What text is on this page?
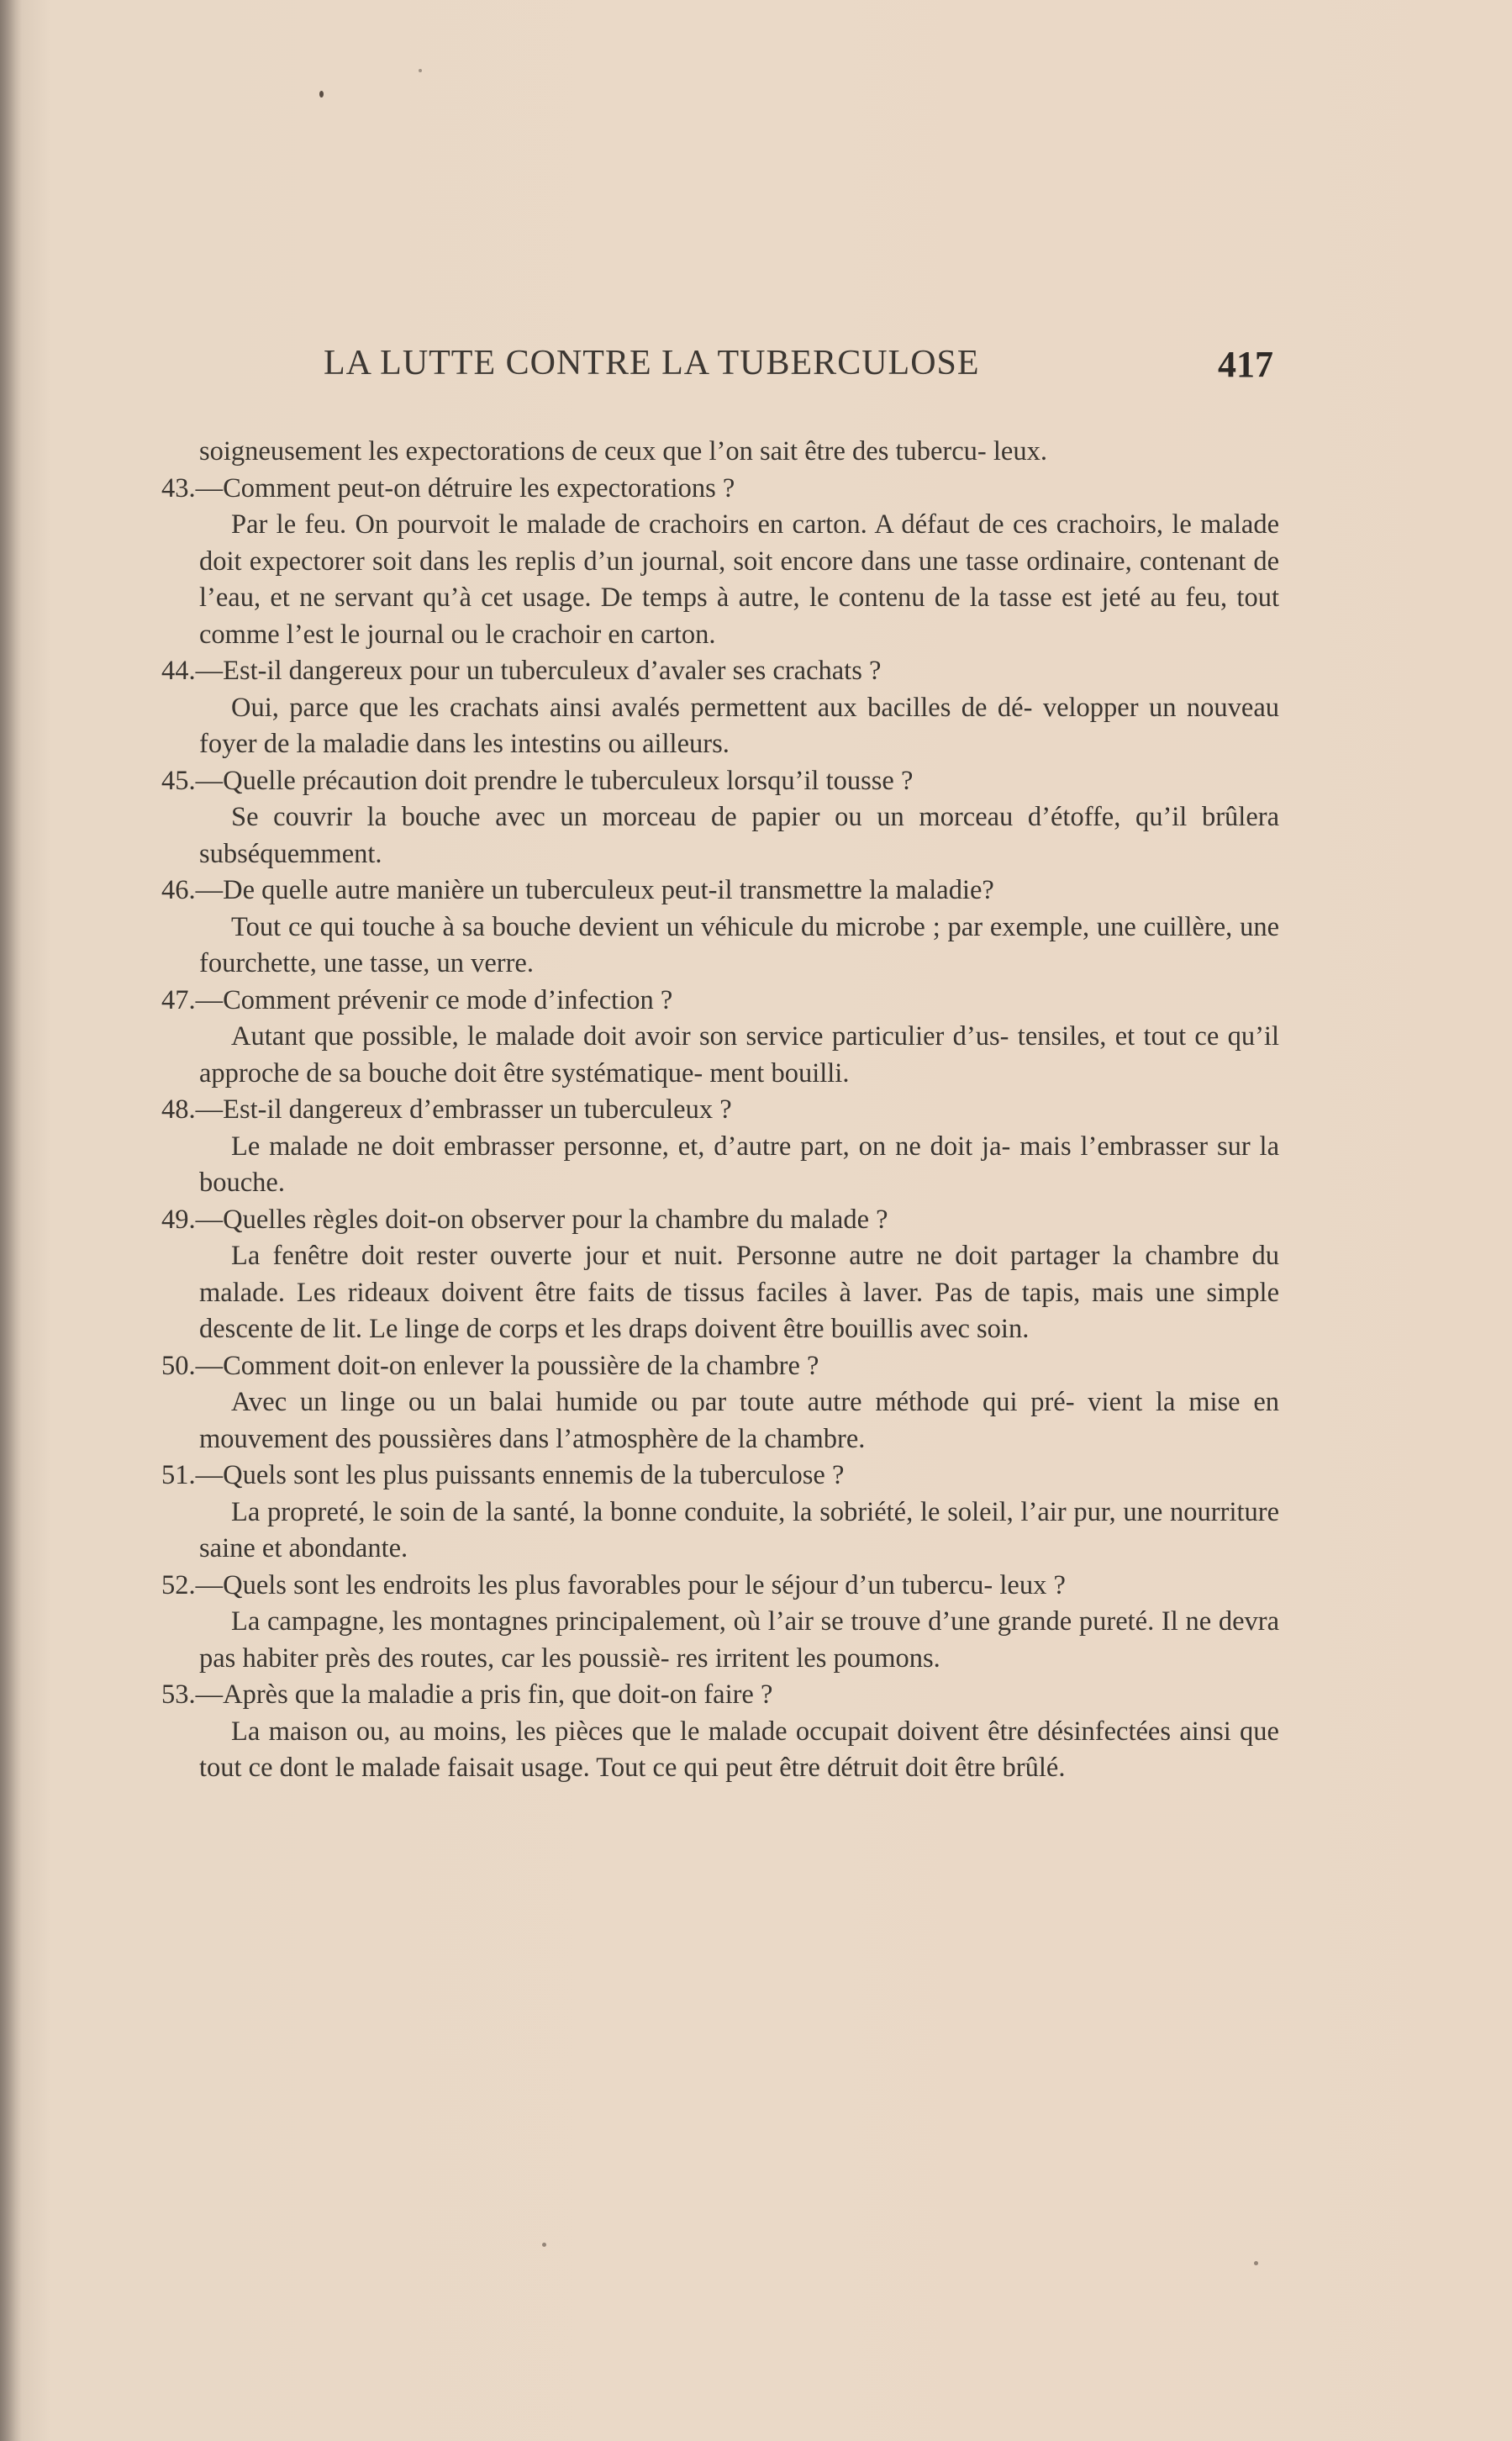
LA LUTTE CONTRE LA TUBERCULOSE	417

soigneusement les expectorations de ceux que l’on sait être des tubercu- leux.

43.—Comment peut-on détruire les expectorations ?

Par le feu. On pourvoit le malade de crachoirs en carton. A défaut de ces crachoirs, le malade doit expectorer soit dans les replis d’un journal, soit encore dans une tasse ordinaire, contenant de l’eau, et ne servant qu’à cet usage. De temps à autre, le contenu de la tasse est jeté au feu, tout comme l’est le journal ou le crachoir en carton.

44.—Est-il dangereux pour un tuberculeux d’avaler ses crachats ?

Oui, parce que les crachats ainsi avalés permettent aux bacilles de dé- velopper un nouveau foyer de la maladie dans les intestins ou ailleurs.

45.—Quelle précaution doit prendre le tuberculeux lorsqu’il tousse ?

Se couvrir la bouche avec un morceau de papier ou un morceau d’étoffe, qu’il brûlera subséquemment.

46.—De quelle autre manière un tuberculeux peut-il transmettre la maladie?

Tout ce qui touche à sa bouche devient un véhicule du microbe ; par exemple, une cuillère, une fourchette, une tasse, un verre.

47.—Comment prévenir ce mode d’infection ?

Autant que possible, le malade doit avoir son service particulier d’us- tensiles, et tout ce qu’il approche de sa bouche doit être systématique- ment bouilli.

48.—Est-il dangereux d’embrasser un tuberculeux ?

Le malade ne doit embrasser personne, et, d’autre part, on ne doit ja- mais l’embrasser sur la bouche.

49.—Quelles règles doit-on observer pour la chambre du malade ?

La fenêtre doit rester ouverte jour et nuit. Personne autre ne doit partager la chambre du malade. Les rideaux doivent être faits de tissus faciles à laver. Pas de tapis, mais une simple descente de lit. Le linge de corps et les draps doivent être bouillis avec soin.

50.—Comment doit-on enlever la poussière de la chambre ?

Avec un linge ou un balai humide ou par toute autre méthode qui pré- vient la mise en mouvement des poussières dans l’atmosphère de la chambre.

51.—Quels sont les plus puissants ennemis de la tuberculose ?

La propreté, le soin de la santé, la bonne conduite, la sobriété, le soleil, l’air pur, une nourriture saine et abondante.

52.—Quels sont les endroits les plus favorables pour le séjour d’un tubercu- leux ?

La campagne, les montagnes principalement, où l’air se trouve d’une grande pureté. Il ne devra pas habiter près des routes, car les poussiè- res irritent les poumons.

53.—Après que la maladie a pris fin, que doit-on faire ?

La maison ou, au moins, les pièces que le malade occupait doivent être désinfectées ainsi que tout ce dont le malade faisait usage. Tout ce qui peut être détruit doit être brûlé.
